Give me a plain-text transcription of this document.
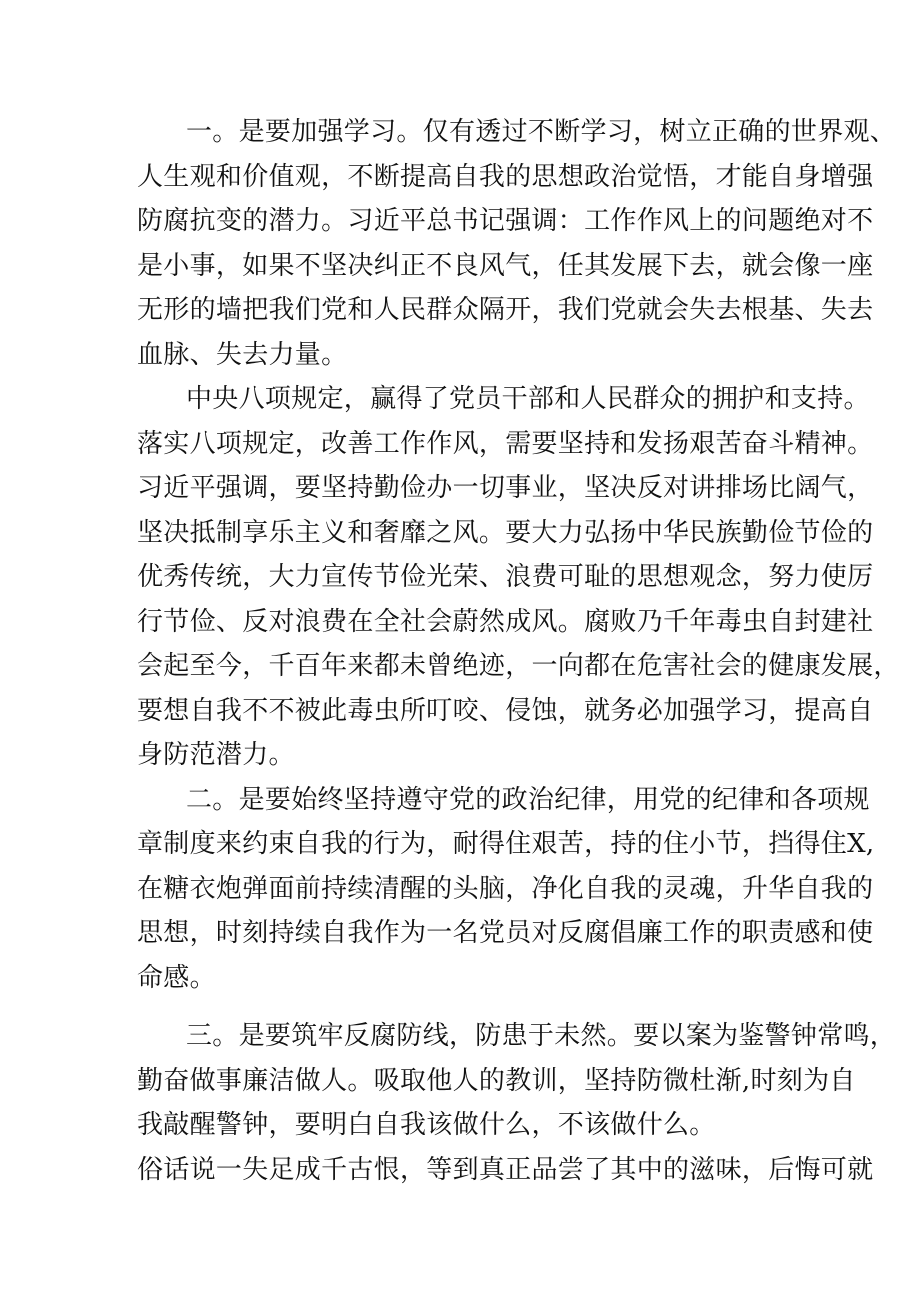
一。是要加强学习。仅有透过不断学习，树立正确的世界观、
人生观和价值观，不断提高自我的思想政治觉悟，才能自身增强
防腐抗变的潜力。习近平总书记强调：工作作风上的问题绝对不
是小事，如果不坚决纠正不良风气，任其发展下去，就会像一座
无形的墙把我们党和人民群众隔开，我们党就会失去根基、失去
血脉、失去力量。
中央八项规定，赢得了党员干部和人民群众的拥护和支持。
落实八项规定，改善工作作风，需要坚持和发扬艰苦奋斗精神。
习近平强调，要坚持勤俭办一切事业，坚决反对讲排场比阔气，
坚决抵制享乐主义和奢靡之风。要大力弘扬中华民族勤俭节俭的
优秀传统，大力宣传节俭光荣、浪费可耻的思想观念，努力使厉
行节俭、反对浪费在全社会蔚然成风。腐败乃千年毒虫自封建社
会起至今，千百年来都未曾绝迹，一向都在危害社会的健康发展，
要想自我不不被此毒虫所叮咬、侵蚀，就务必加强学习，提高自
身防范潜力。
二。是要始终坚持遵守党的政治纪律，用党的纪律和各项规
章制度来约束自我的行为，耐得住艰苦，持的住小节，挡得住X,
在糖衣炮弹面前持续清醒的头脑，净化自我的灵魂，升华自我的
思想，时刻持续自我作为一名党员对反腐倡廉工作的职责感和使
命感。
三。是要筑牢反腐防线，防患于未然。要以案为鉴警钟常鸣，
勤奋做事廉洁做人。吸取他人的教训，坚持防微杜渐,时刻为自
我敲醒警钟，要明白自我该做什么，不该做什么。
俗话说一失足成千古恨，等到真正品尝了其中的滋味，后悔可就
